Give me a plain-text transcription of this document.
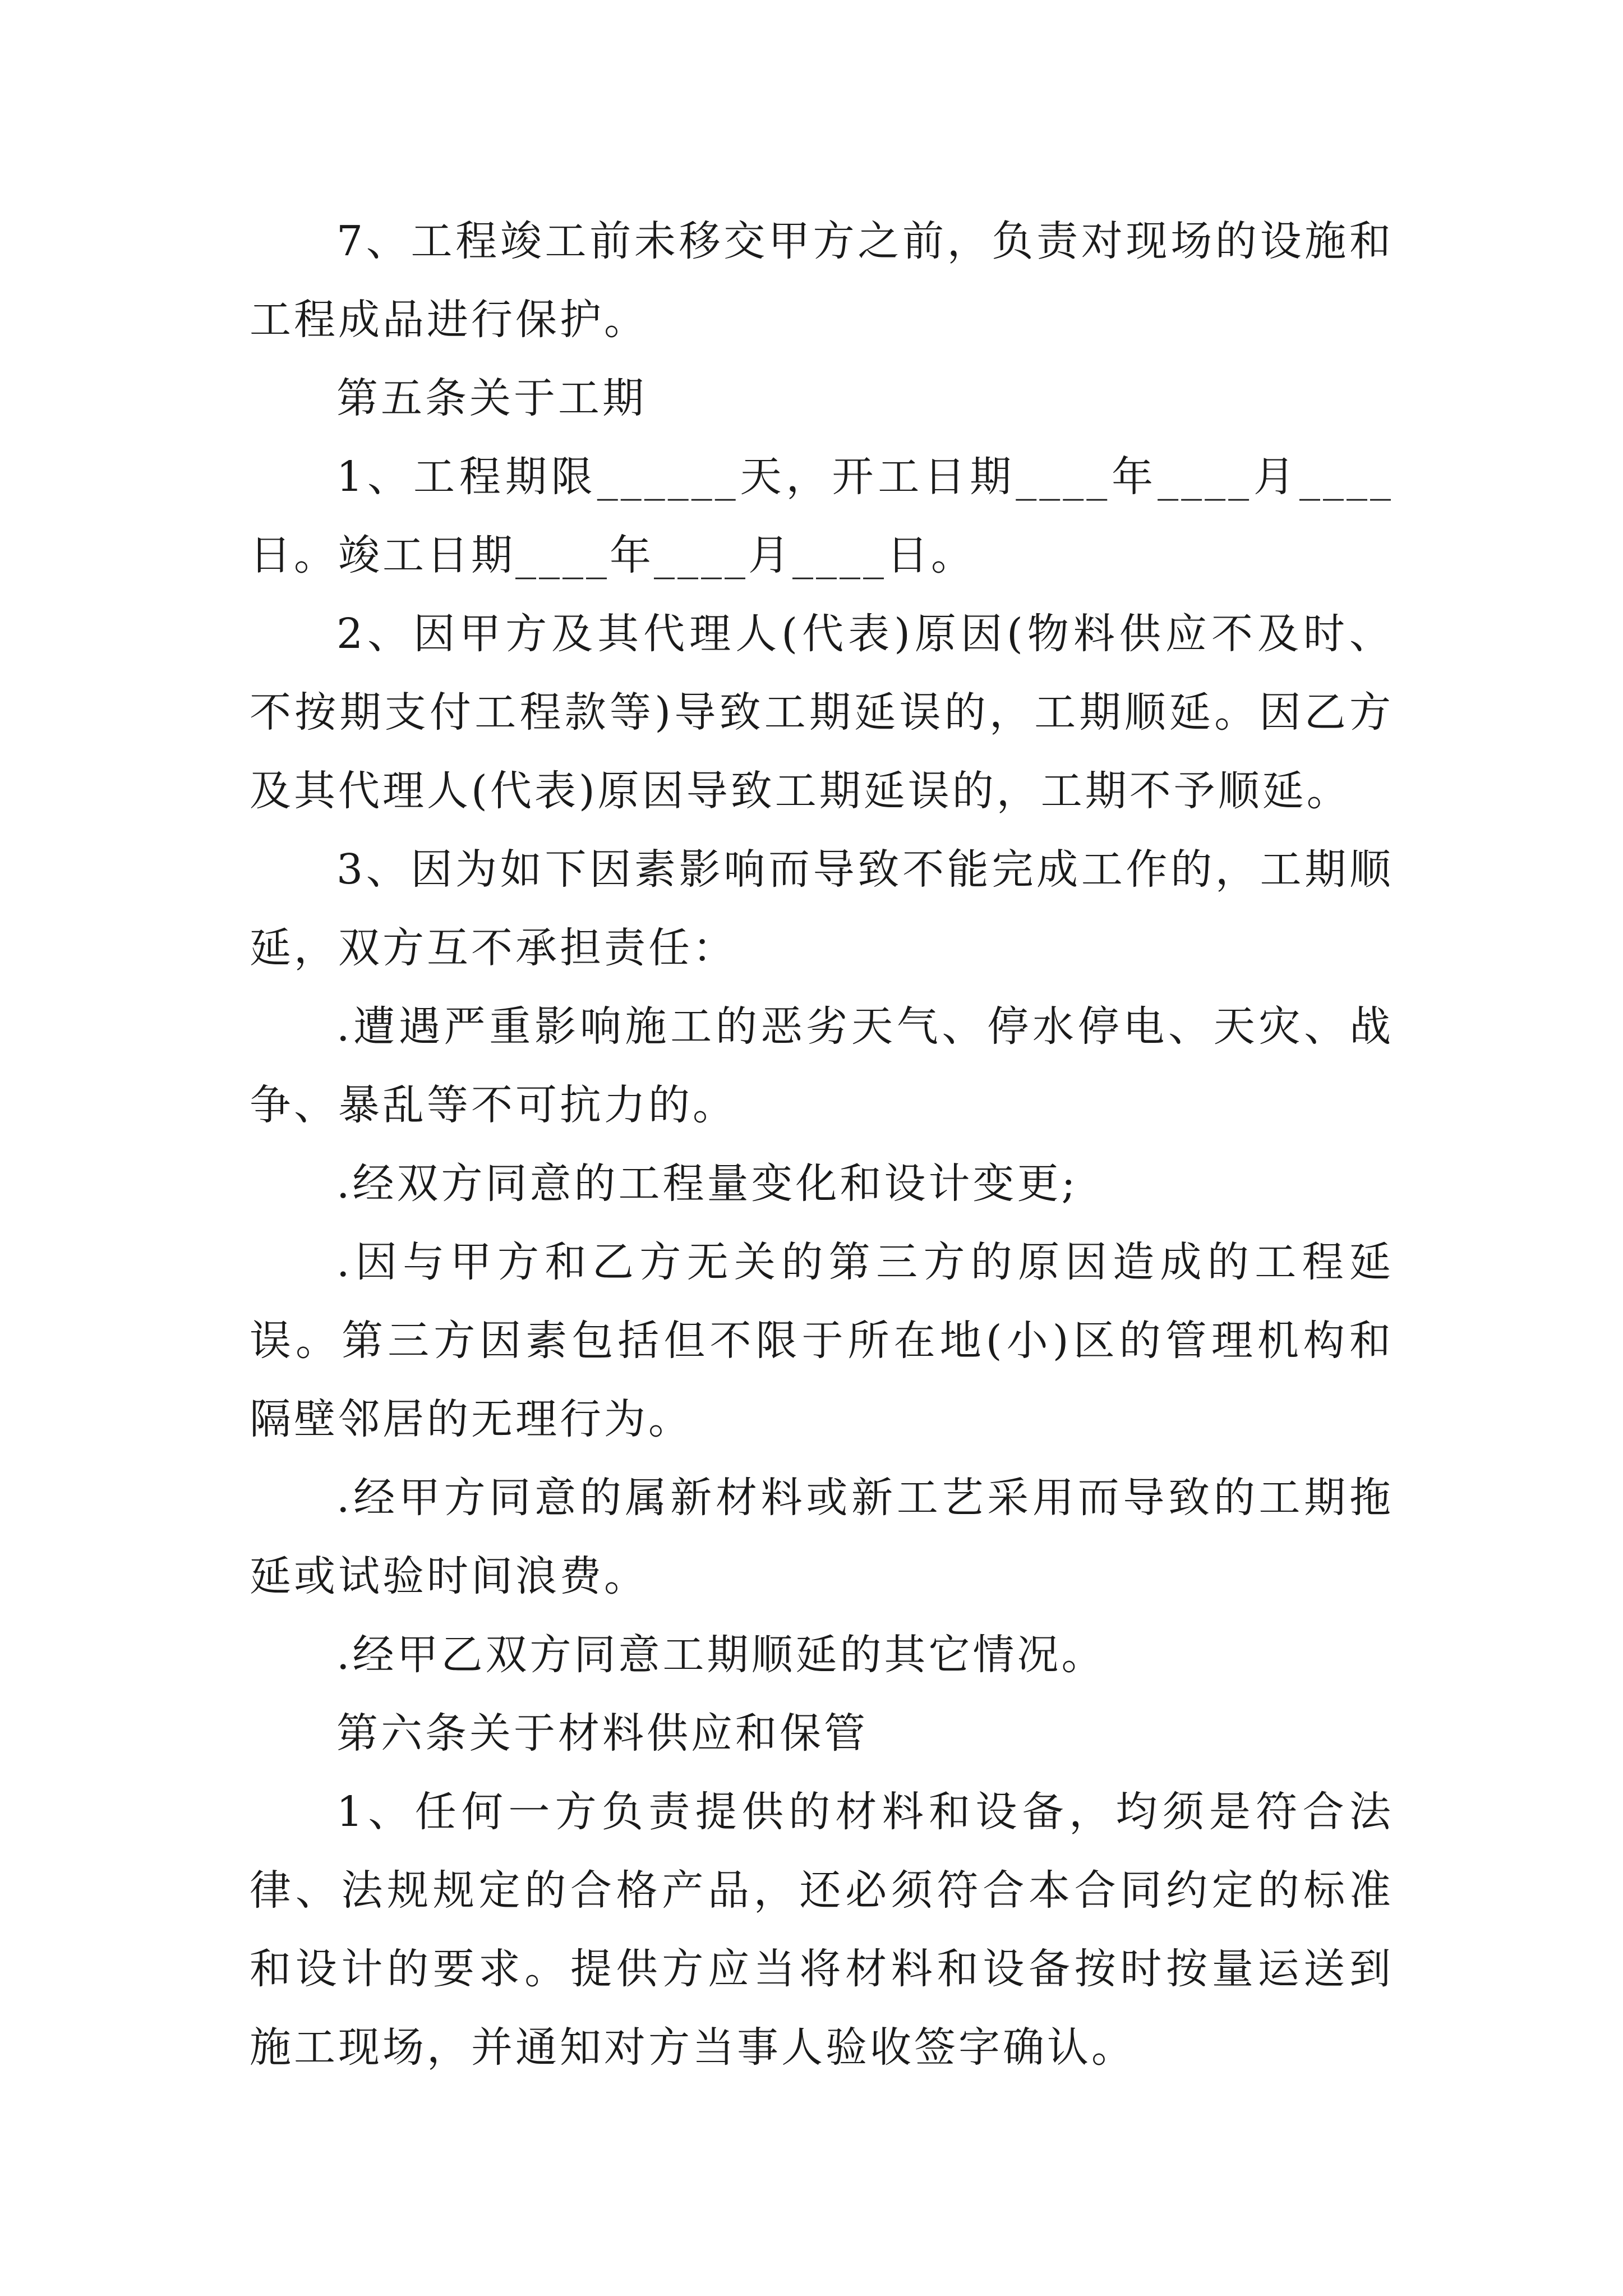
7、工程竣工前未移交甲方之前，负责对现场的设施和工程成品进行保护。

第五条关于工期

1、工程期限______天，开工日期____年____月____日。竣工日期____年____月____日。

2、因甲方及其代理人(代表)原因(物料供应不及时、不按期支付工程款等)导致工期延误的，工期顺延。因乙方及其代理人(代表)原因导致工期延误的，工期不予顺延。

3、因为如下因素影响而导致不能完成工作的，工期顺延，双方互不承担责任：

.遭遇严重影响施工的恶劣天气、停水停电、天灾、战争、暴乱等不可抗力的。

.经双方同意的工程量变化和设计变更;

.因与甲方和乙方无关的第三方的原因造成的工程延误。第三方因素包括但不限于所在地(小)区的管理机构和隔壁邻居的无理行为。

.经甲方同意的属新材料或新工艺采用而导致的工期拖延或试验时间浪费。

.经甲乙双方同意工期顺延的其它情况。

第六条关于材料供应和保管

1、任何一方负责提供的材料和设备，均须是符合法律、法规规定的合格产品，还必须符合本合同约定的标准和设计的要求。提供方应当将材料和设备按时按量运送到施工现场，并通知对方当事人验收签字确认。
